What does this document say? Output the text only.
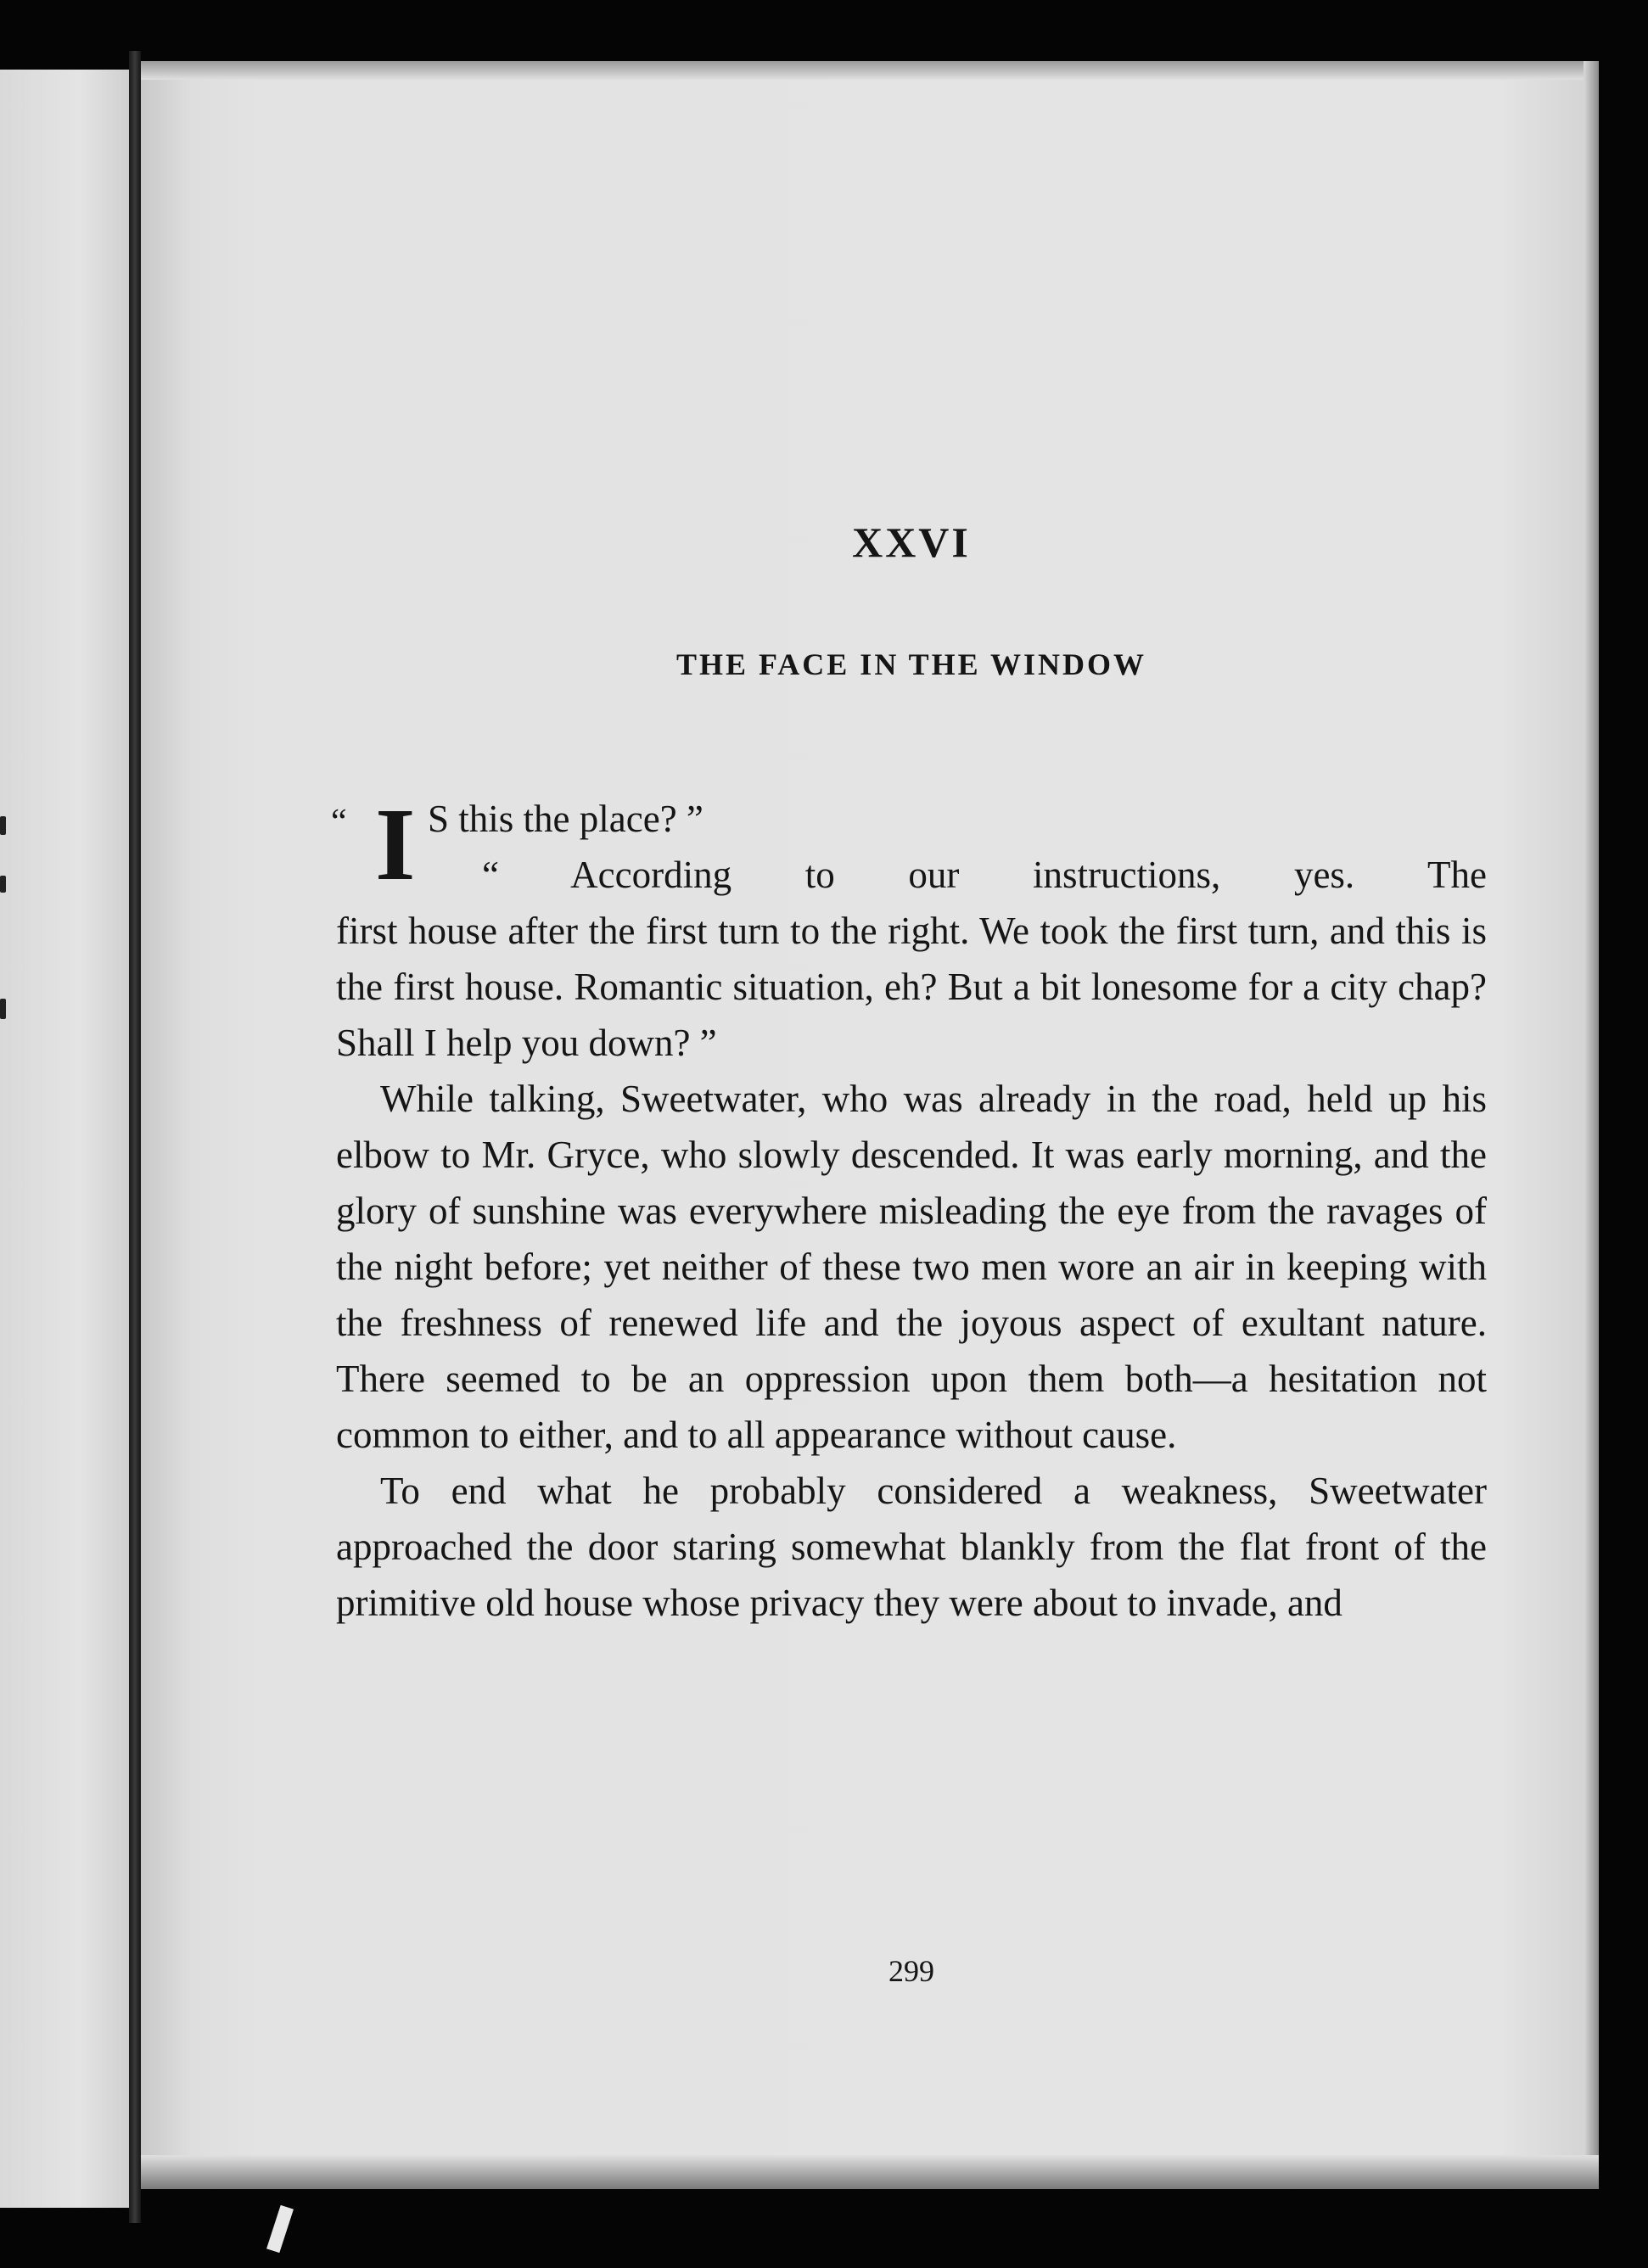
XXVI
THE FACE IN THE WINDOW
“ I S this the place? ”
“ According to our instructions, yes. The
first house after the first turn to the right. We took the first turn, and this is the first house. Romantic situation, eh? But a bit lonesome for a city chap? Shall I help you down? ”

While talking, Sweetwater, who was already in the road, held up his elbow to Mr. Gryce, who slowly descended. It was early morning, and the glory of sunshine was everywhere misleading the eye from the ravages of the night before; yet neither of these two men wore an air in keeping with the freshness of renewed life and the joyous aspect of exultant nature. There seemed to be an oppression upon them both—a hesitation not common to either, and to all appearance without cause.

To end what he probably considered a weakness, Sweetwater approached the door staring somewhat blankly from the flat front of the primitive old house whose privacy they were about to invade, and

299
